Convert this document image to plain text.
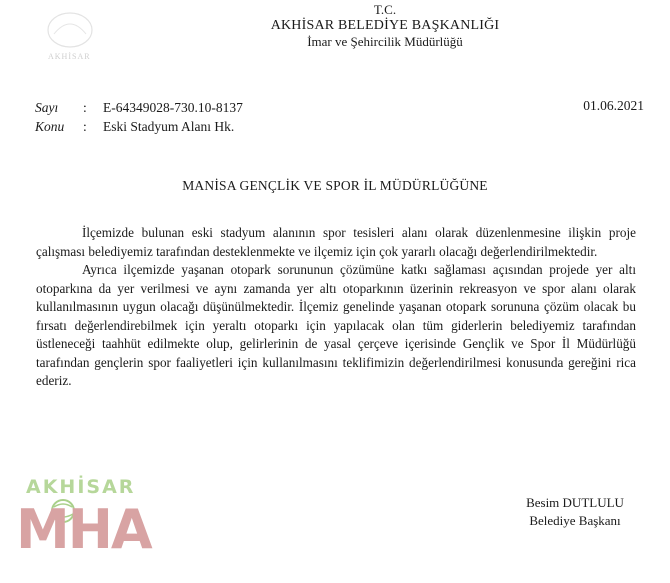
AKHİSAR
T.C.
AKHİSAR BELEDİYE BAŞKANLIĞI
İmar ve Şehircilik Müdürlüğü
Sayı	:	E-64349028-730.10-8137
Konu	:	Eski Stadyum Alanı Hk.
01.06.2021
MANİSA GENÇLİK VE SPOR İL MÜDÜRLÜĞÜNE

İlçemizde bulunan eski stadyum alanının spor tesisleri alanı olarak düzenlenmesine ilişkin proje çalışması belediyemiz tarafından desteklenmekte ve ilçemiz için çok yararlı olacağı değerlendirilmektedir.

Ayrıca ilçemizde yaşanan otopark sorununun çözümüne katkı sağlaması açısından projede yer altı otoparkına da yer verilmesi ve aynı zamanda yer altı otoparkının üzerinin rekreasyon ve spor alanı olarak kullanılmasının uygun olacağı düşünülmektedir. İlçemiz genelinde yaşanan otopark sorununa çözüm olacak bu fırsatı değerlendirebilmek için yeraltı otoparkı için yapılacak olan tüm giderlerin belediyemiz tarafından üstleneceği taahhüt edilmekte olup, gelirlerinin de yasal çerçeve içerisinde Gençlik ve Spor İl Müdürlüğü tarafından gençlerin spor faaliyetleri için kullanılmasını teklifimizin değerlendirilmesi konusunda gereğini rica ederiz.

Besim DUTLULU
Belediye Başkanı
AKHİSAR
MHA
